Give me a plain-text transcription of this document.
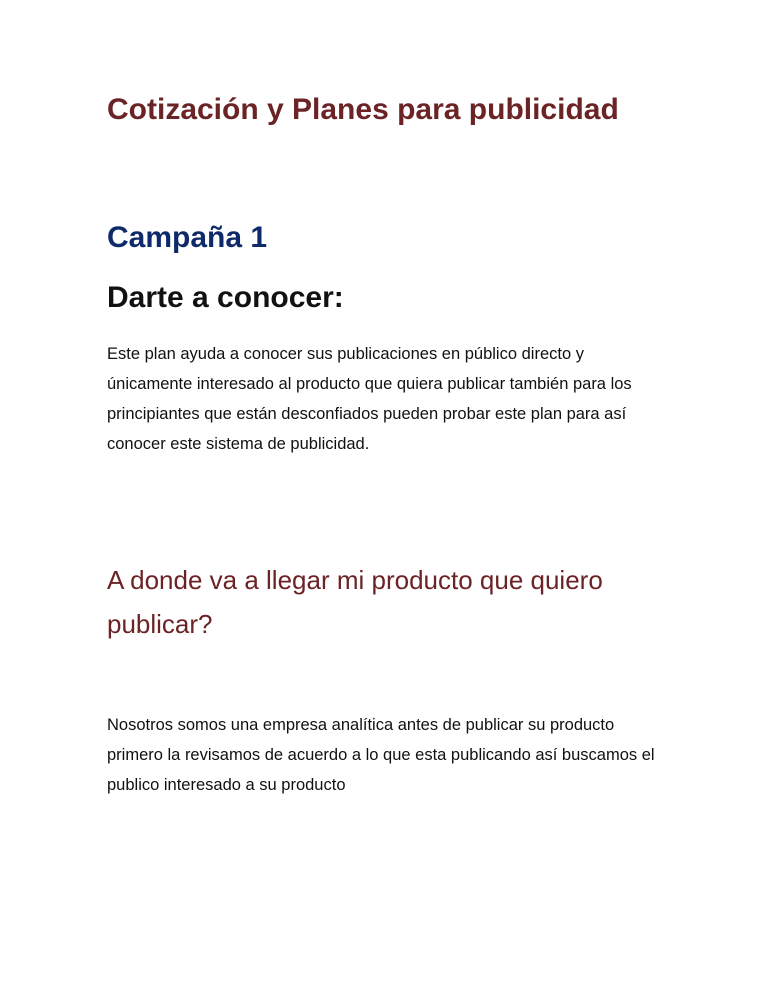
Cotización y Planes para publicidad
Campaña 1
Darte a conocer:

Este plan ayuda a conocer sus publicaciones en público directo y únicamente interesado al producto que quiera publicar también para los principiantes que están desconfiados pueden probar este plan para así conocer este sistema de publicidad.

A donde va a llegar mi producto que quiero publicar?

Nosotros somos una empresa analítica antes de publicar su producto primero la revisamos de acuerdo a lo que esta publicando así buscamos el publico interesado a su producto
